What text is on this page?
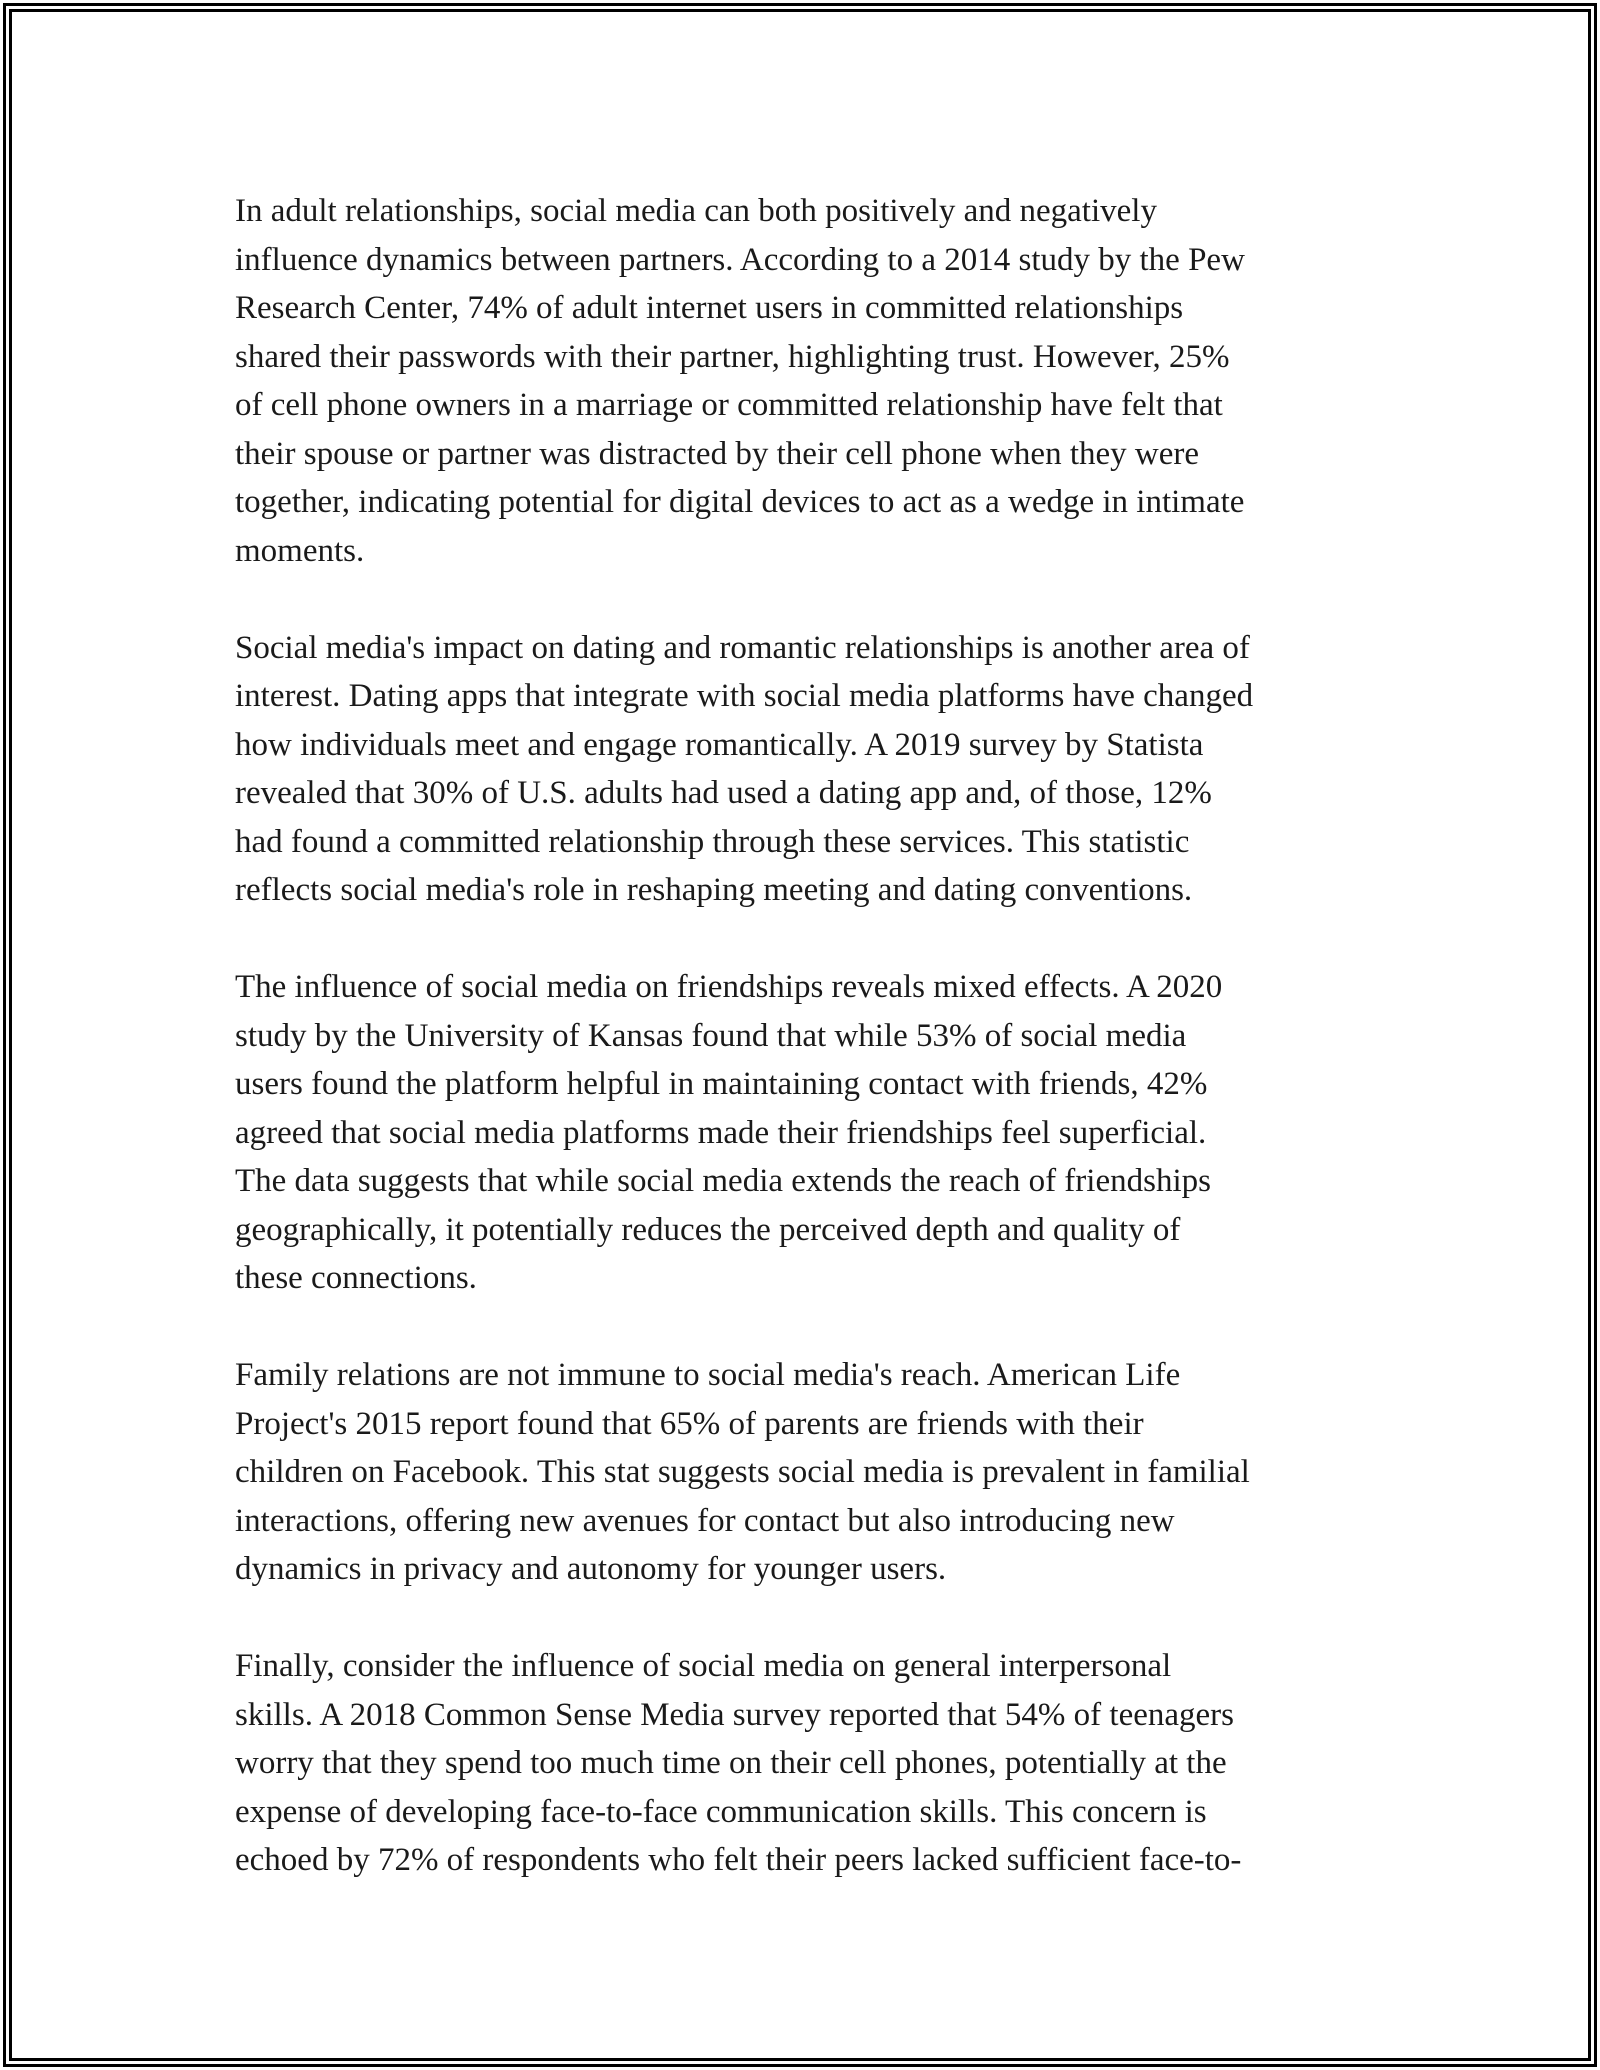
In adult relationships, social media can both positively and negatively
influence dynamics between partners. According to a 2014 study by the Pew
Research Center, 74% of adult internet users in committed relationships
shared their passwords with their partner, highlighting trust. However, 25%
of cell phone owners in a marriage or committed relationship have felt that
their spouse or partner was distracted by their cell phone when they were
together, indicating potential for digital devices to act as a wedge in intimate
moments.

Social media's impact on dating and romantic relationships is another area of
interest. Dating apps that integrate with social media platforms have changed
how individuals meet and engage romantically. A 2019 survey by Statista
revealed that 30% of U.S. adults had used a dating app and, of those, 12%
had found a committed relationship through these services. This statistic
reflects social media's role in reshaping meeting and dating conventions.

The influence of social media on friendships reveals mixed effects. A 2020
study by the University of Kansas found that while 53% of social media
users found the platform helpful in maintaining contact with friends, 42%
agreed that social media platforms made their friendships feel superficial.
The data suggests that while social media extends the reach of friendships
geographically, it potentially reduces the perceived depth and quality of
these connections.

Family relations are not immune to social media's reach. American Life
Project's 2015 report found that 65% of parents are friends with their
children on Facebook. This stat suggests social media is prevalent in familial
interactions, offering new avenues for contact but also introducing new
dynamics in privacy and autonomy for younger users.

Finally, consider the influence of social media on general interpersonal
skills. A 2018 Common Sense Media survey reported that 54% of teenagers
worry that they spend too much time on their cell phones, potentially at the
expense of developing face-to-face communication skills. This concern is
echoed by 72% of respondents who felt their peers lacked sufficient face-to-
